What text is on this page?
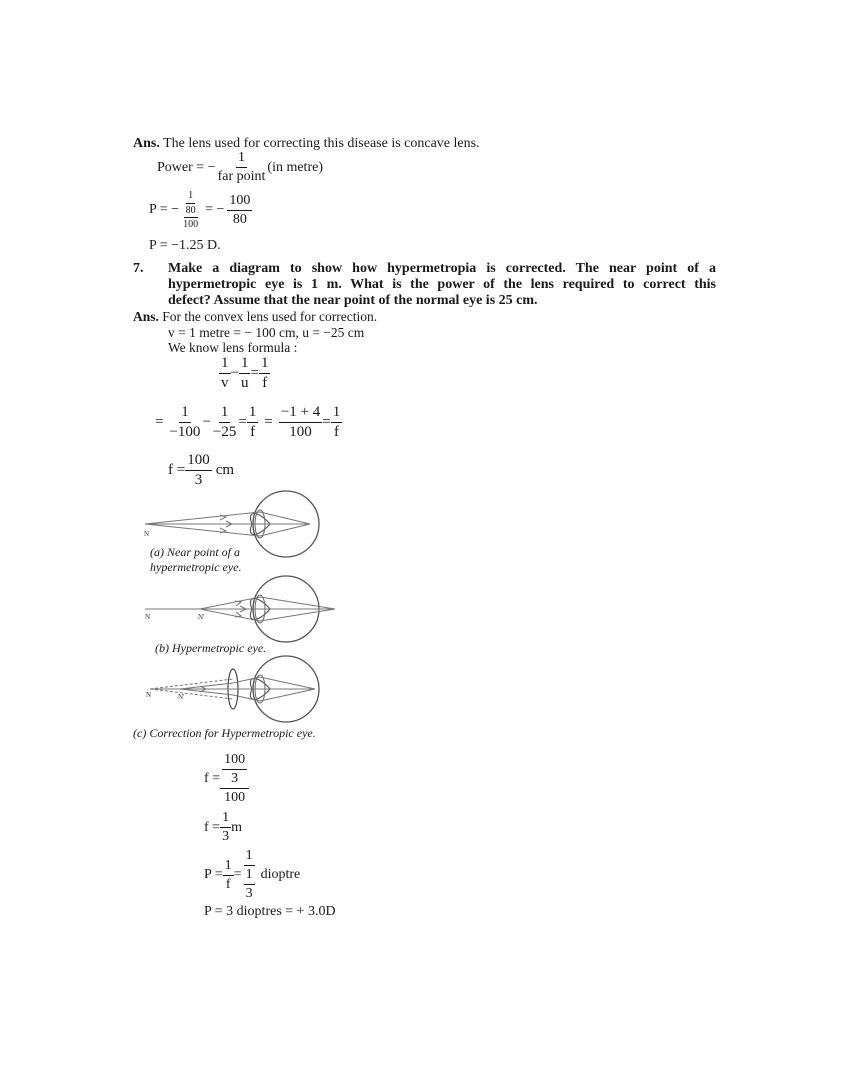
Ans. The lens used for correcting this disease is concave lens.
Power = − $\frac{1}{\text{far point}} (in$ metre)
P = − $\frac{1}{\frac{80}{100}}$ = − $\frac{100}{80}$
P = −1.25 D.
7. Make a diagram to show how hypermetropia is corrected. The near point of a
hypermetropic eye is 1 m. What is the power of the lens required to correct this
defect? Assume that the near point of the normal eye is 25 cm.
Ans. For the convex lens used for correction.
v = 1 metre = − 100 cm, u = −25 cm
We know lens formula :
$\frac{1}{v} - \frac{1}{u} = \frac{1}{f}$
= $\frac{1}{-100} - \frac{1}{-25} = \frac{1}{f} = \frac{-1 + 4}{100} = \frac{1}{f}$
$f = \frac{100}{3}$ cm
N
(a) Near point of a
hypermetropic eye.
N	N'
(b) Hypermetropic eye.
N	N'
(c) Correction for Hypermetropic eye.
$f = \frac{\frac{100}{3}}{100}$
$f = \frac{1}{3}$ m
$P = \frac{1}{f} = \frac{1}{\frac{1}{3}}$ dioptre
P = 3 dioptres = + 3.0D
